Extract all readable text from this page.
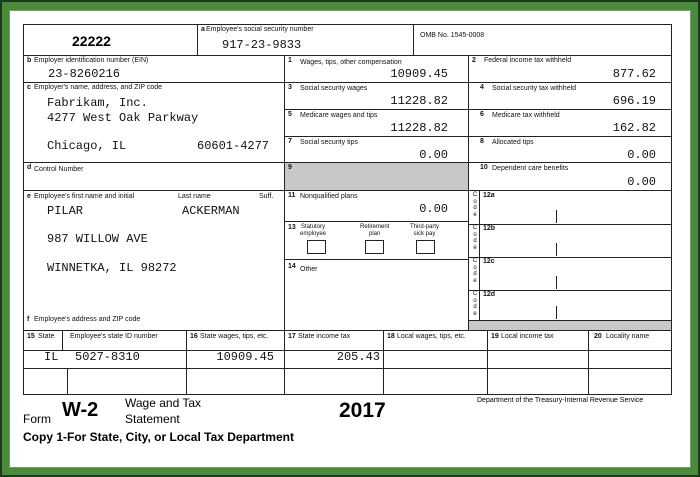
22222
a Employee's social security number
917-23-9833
OMB No. 1545-0008
b Employer identification number (EIN)
23-8260216
1 Wages, tips, other compensation
10909.45
2 Federal income tax withheld
877.62
c Employer's name, address, and ZIP code
Fabrikam, Inc.
4277 West Oak Parkway
Chicago, IL	60601-4277
3 Social security wages
11228.82
4 Social security tax withheld
696.19
5 Medicare wages and tips
11228.82
6 Medicare tax withheld
162.82
7 Social security tips
0.00
8 Allocated tips
0.00
d Control Number	9	10 Dependent care benefits
0.00
e Employee's first name and initial	Last name	Suff.
PILAR	ACKERMAN
987 WILLOW AVE
WINNETKA, IL 98272
f Employee's address and ZIP code
11 Nonqualified plans
0.00
13 Statutory
employee
Retirement
plan
Third-party
sick pay
14 Other
C
o
d
e
12a
C
o
d
e
12b
C
o
d
e
12c
C
o
d
e
12d
15 State Employee's state ID number	16 State wages, tips, etc.	17 State income tax	18 Local wages, tips, etc.	19 Local income tax	20 Locality name
IL 5027-8310	10909.45	205.43
Form W-2 Wage and Tax
Statement	2017	Department of the Treasury-Internal Revenue Service
Copy 1-For State, City, or Local Tax Department
